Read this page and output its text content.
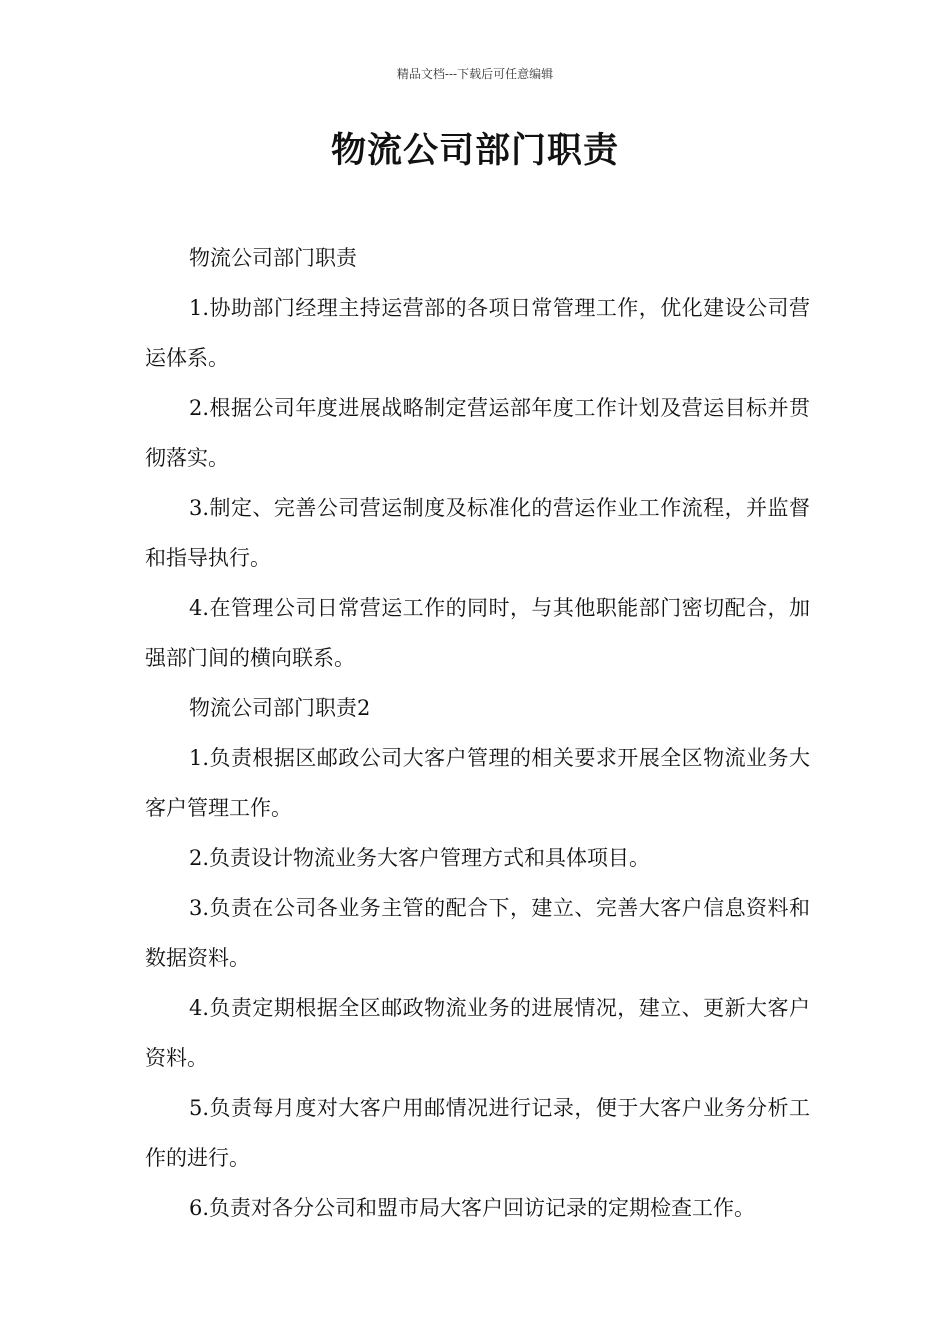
精品文档---下载后可任意编辑
物流公司部门职责

物流公司部门职责

1.协助部门经理主持运营部的各项日常管理工作，优化建设公司营运体系。

2.根据公司年度进展战略制定营运部年度工作计划及营运目标并贯彻落实。

3.制定、完善公司营运制度及标准化的营运作业工作流程，并监督和指导执行。

4.在管理公司日常营运工作的同时，与其他职能部门密切配合，加强部门间的横向联系。

物流公司部门职责2

1.负责根据区邮政公司大客户管理的相关要求开展全区物流业务大客户管理工作。

2.负责设计物流业务大客户管理方式和具体项目。

3.负责在公司各业务主管的配合下，建立、完善大客户信息资料和数据资料。

4.负责定期根据全区邮政物流业务的进展情况，建立、更新大客户资料。

5.负责每月度对大客户用邮情况进行记录，便于大客户业务分析工作的进行。

6.负责对各分公司和盟市局大客户回访记录的定期检查工作。
